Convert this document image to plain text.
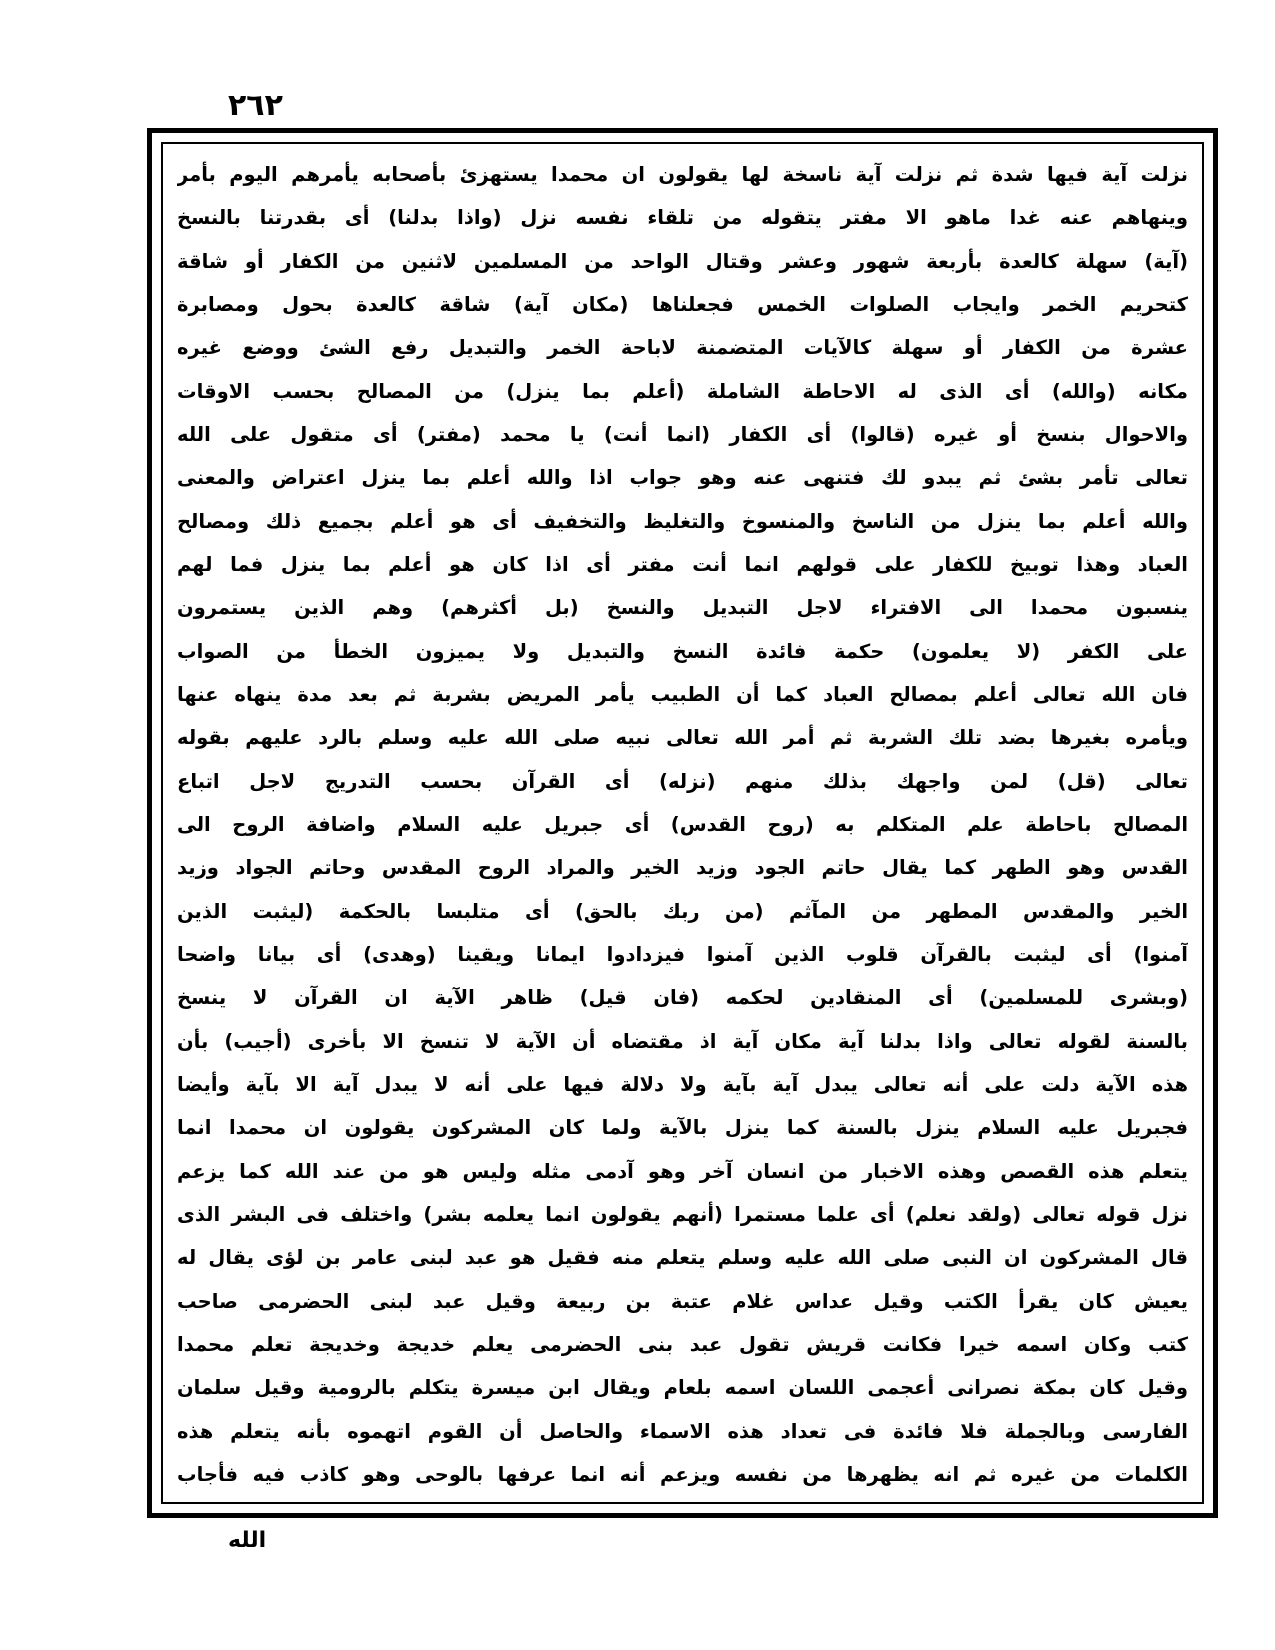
٢٦٢
نزلت آية فيها شدة ثم نزلت آية ناسخة لها يقولون ان محمدا يستهزئ بأصحابه يأمرهم اليوم بأمر
وينهاهم عنه غدا ماهو الا مفتر يتقوله من تلقاء نفسه نزل (واذا بدلنا) أى بقدرتنا بالنسخ
(آية) سهلة كالعدة بأربعة شهور وعشر وقتال الواحد من المسلمين لاثنين من الكفار أو شاقة
كتحريم الخمر وايجاب الصلوات الخمس فجعلناها (مكان آية) شاقة كالعدة بحول ومصابرة
عشرة من الكفار أو سهلة كالآيات المتضمنة لاباحة الخمر والتبديل رفع الشئ ووضع غيره
مكانه (والله) أى الذى له الاحاطة الشاملة (أعلم بما ينزل) من المصالح بحسب الاوقات
والاحوال بنسخ أو غيره (قالوا) أى الكفار (انما أنت) يا محمد (مفتر) أى متقول على الله
تعالى تأمر بشئ ثم يبدو لك فتنهى عنه وهو جواب اذا والله أعلم بما ينزل اعتراض والمعنى
والله أعلم بما ينزل من الناسخ والمنسوخ والتغليظ والتخفيف أى هو أعلم بجميع ذلك ومصالح
العباد وهذا توبيخ للكفار على قولهم انما أنت مفتر أى اذا كان هو أعلم بما ينزل فما لهم
ينسبون محمدا الى الافتراء لاجل التبديل والنسخ (بل أكثرهم) وهم الذين يستمرون
على الكفر (لا يعلمون) حكمة فائدة النسخ والتبديل ولا يميزون الخطأ من الصواب
فان الله تعالى أعلم بمصالح العباد كما أن الطبيب يأمر المريض بشربة ثم بعد مدة ينهاه عنها
ويأمره بغيرها بضد تلك الشربة ثم أمر الله تعالى نبيه صلى الله عليه وسلم بالرد عليهم بقوله
تعالى (قل) لمن واجهك بذلك منهم (نزله) أى القرآن بحسب التدريج لاجل اتباع
المصالح باحاطة علم المتكلم به (روح القدس) أى جبريل عليه السلام واضافة الروح الى
القدس وهو الطهر كما يقال حاتم الجود وزيد الخير والمراد الروح المقدس وحاتم الجواد وزيد
الخير والمقدس المطهر من المآثم (من ربك بالحق) أى متلبسا بالحكمة (ليثبت الذين
آمنوا) أى ليثبت بالقرآن قلوب الذين آمنوا فيزدادوا ايمانا ويقينا (وهدى) أى بيانا واضحا
(وبشرى للمسلمين) أى المنقادين لحكمه (فان قيل) ظاهر الآية ان القرآن لا ينسخ
بالسنة لقوله تعالى واذا بدلنا آية مكان آية اذ مقتضاه أن الآية لا تنسخ الا بأخرى (أجيب) بأن
هذه الآية دلت على أنه تعالى يبدل آية بآية ولا دلالة فيها على أنه لا يبدل آية الا بآية وأيضا
فجبريل عليه السلام ينزل بالسنة كما ينزل بالآية ولما كان المشركون يقولون ان محمدا انما
يتعلم هذه القصص وهذه الاخبار من انسان آخر وهو آدمى مثله وليس هو من عند الله كما يزعم
نزل قوله تعالى (ولقد نعلم) أى علما مستمرا (أنهم يقولون انما يعلمه بشر) واختلف فى البشر الذى
قال المشركون ان النبى صلى الله عليه وسلم يتعلم منه فقيل هو عبد لبنى عامر بن لؤى يقال له
يعيش كان يقرأ الكتب وقيل عداس غلام عتبة بن ربيعة وقيل عبد لبنى الحضرمى صاحب
كتب وكان اسمه خيرا فكانت قريش تقول عبد بنى الحضرمى يعلم خديجة وخديجة تعلم محمدا
وقيل كان بمكة نصرانى أعجمى اللسان اسمه بلعام ويقال ابن ميسرة يتكلم بالرومية وقيل سلمان
الفارسى وبالجملة فلا فائدة فى تعداد هذه الاسماء والحاصل أن القوم اتهموه بأنه يتعلم هذه
الكلمات من غيره ثم انه يظهرها من نفسه ويزعم أنه انما عرفها بالوحى وهو كاذب فيه فأجاب
الله
